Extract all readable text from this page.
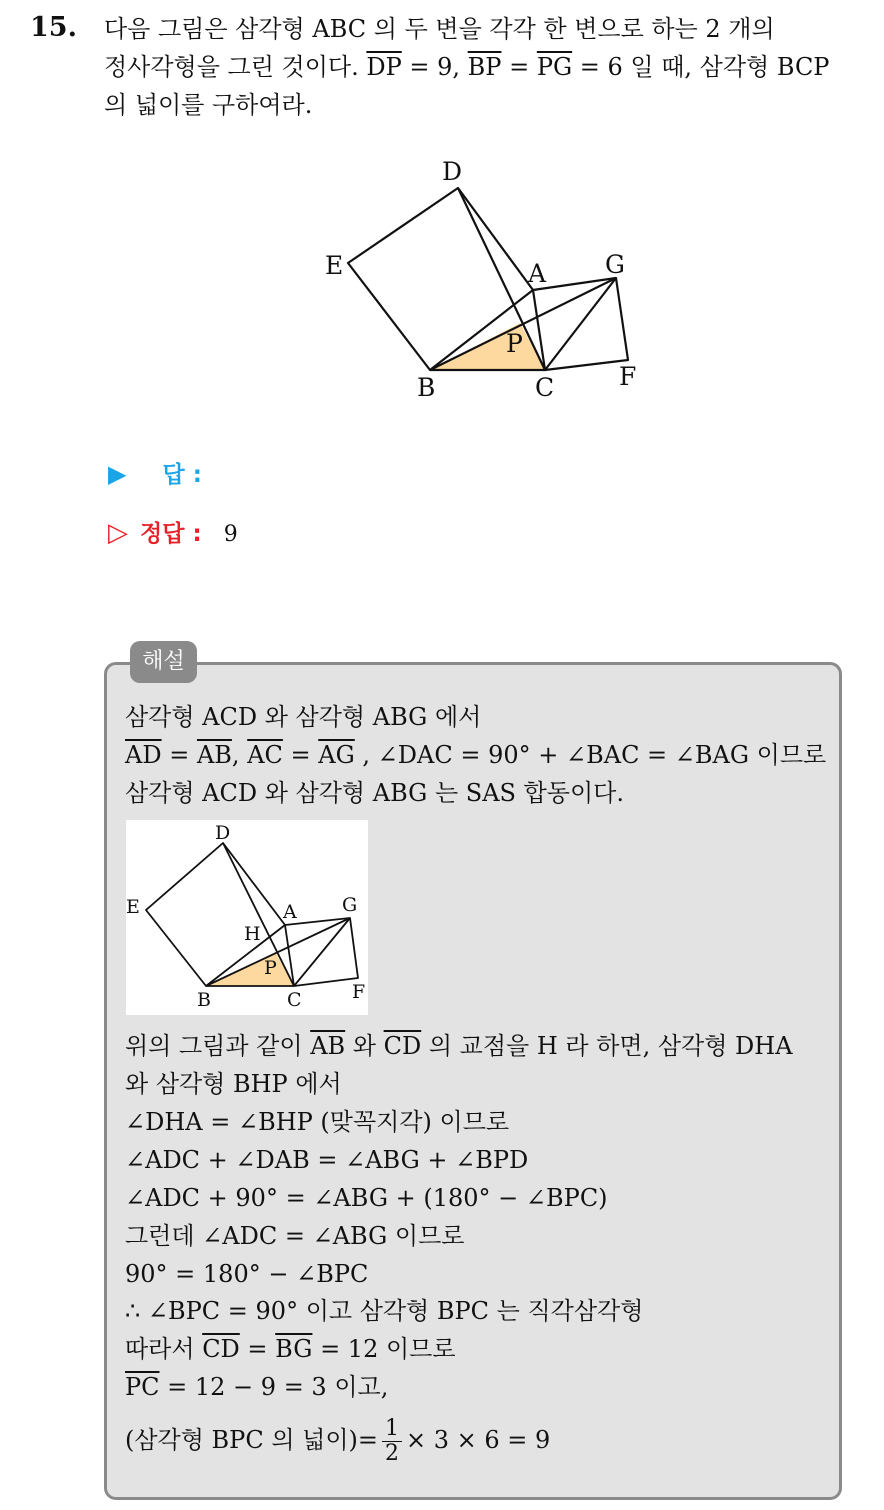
15. 다음 그림은 삼각형 ABC 의 두 변을 각각 한 변으로 하는 2 개의
정사각형을 그린 것이다. $\overline{DP} = 9$, $\overline{BP} = \overline{PG} = 6$ 일 때, 삼각형 BCP
의 넓이를 구하여라.
D
E	A G
P
B	C	F
▶ 답 :
▷ 정답 : 9
해설
삼각형 ACD 와 삼각형 ABG 에서
$\overline{AD} = \overline{AB}$, $\overline{AC} = \overline{AG}$ , ∠DAC = 90° + ∠BAC = ∠BAG 이므로
삼각형 ACD 와 삼각형 ABG 는 SAS 합동이다.
D
E	A G
H
P
B	C	F
위의 그림과 같이 $\overline{AB}$ 와 $\overline{CD}$ 의 교점을 H 라 하면, 삼각형 DHA
와 삼각형 BHP 에서
∠DHA = ∠BHP (맞꼭지각) 이므로
∠ADC + ∠DAB = ∠ABG + ∠BPD
∠ADC + 90° = ∠ABG + (180° − ∠BPC)
그런데 ∠ADC = ∠ABG 이므로
90° = 180° − ∠BPC
∴ ∠BPC = 90° 이고 삼각형 BPC 는 직각삼각형
따라서 $\overline{CD} = \overline{BG} = 12$ 이므로
$\overline{PC} = 12 - 9 = 3$ 이고,
(삼각형 BPC 의 넓이)= $\frac{1}{2} \times 3 \times 6 = 9$
